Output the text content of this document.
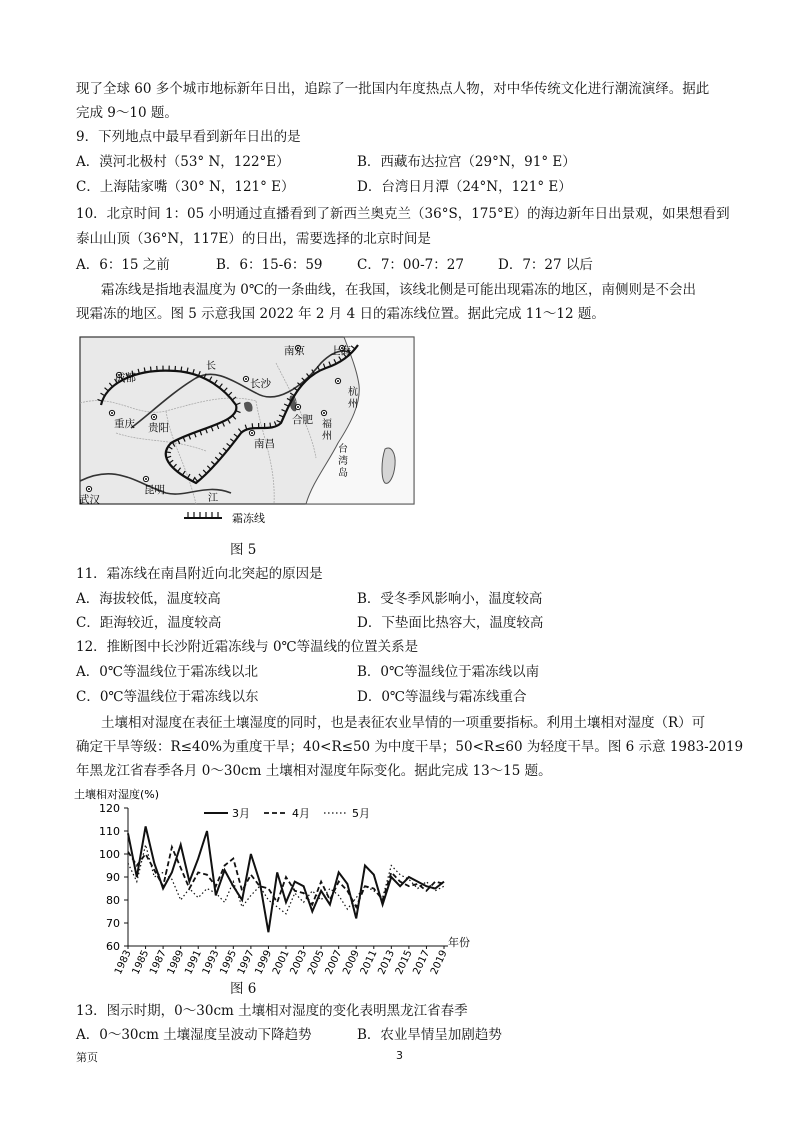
现了全球 60 多个城市地标新年日出，追踪了一批国内年度热点人物，对中华传统文化进行潮流演绎。据此
完成 9～10 题。
9．下列地点中最早看到新年日出的是
A．漠河北极村（53° N，122°E）	B．西藏布达拉宫（29°N，91° E）
C．上海陆家嘴（30° N，121° E）	D．台湾日月潭（24°N，121° E）
10．北京时间 1：05 小明通过直播看到了新西兰奥克兰（36°S，175°E）的海边新年日出景观，如果想看到
泰山山顶（36°N，117E）的日出，需要选择的北京时间是
A．6：15 之前	B．6：15-6：59	C．7：00-7：27	D．7：27 以后
霜冻线是指地表温度为 0℃的一条曲线，在我国，该线北侧是可能出现霜冻的地区，南侧则是不会出
现霜冻的地区。图 5 示意我国 2022 年 2 月 4 日的霜冻线位置。据此完成 11～12 题。
成都
重庆 贵阳
昆明
武汉
长沙
南昌
合肥
南京 上海
杭
州
福
州
台
湾
岛
长
江
霜冻线
图 5
11．霜冻线在南昌附近向北突起的原因是
A．海拔较低，温度较高	B．受冬季风影响小，温度较高
C．距海较近，温度较高	D．下垫面比热容大，温度较高
12．推断图中长沙附近霜冻线与 0℃等温线的位置关系是
A．0℃等温线位于霜冻线以北	B．0℃等温线位于霜冻线以南
C．0℃等温线位于霜冻线以东	D．0℃等温线与霜冻线重合
土壤相对湿度在表征土壤湿度的同时，也是表征农业旱情的一项重要指标。利用土壤相对湿度（R）可
确定干旱等级：R≤40%为重度干旱；40<R≤50 为中度干旱；50<R≤60 为轻度干旱。图 6 示意 1983-2019
年黑龙江省春季各月 0～30cm 土壤相对湿度年际变化。据此完成 13～15 题。
土壤相对湿度(%)
年份
60
70
80
90
100
110
120
1983
1985
1987
1989
1991
1993
1995
1997
1999
2001
2003
2005
2007
2009
2011
2013
2015
2017
2019
3月	4月	5月
图 6
13．图示时期，0～30cm 土壤相对湿度的变化表明黑龙江省春季
A．0～30cm 土壤湿度呈波动下降趋势	B．农业旱情呈加剧趋势
第页	3
